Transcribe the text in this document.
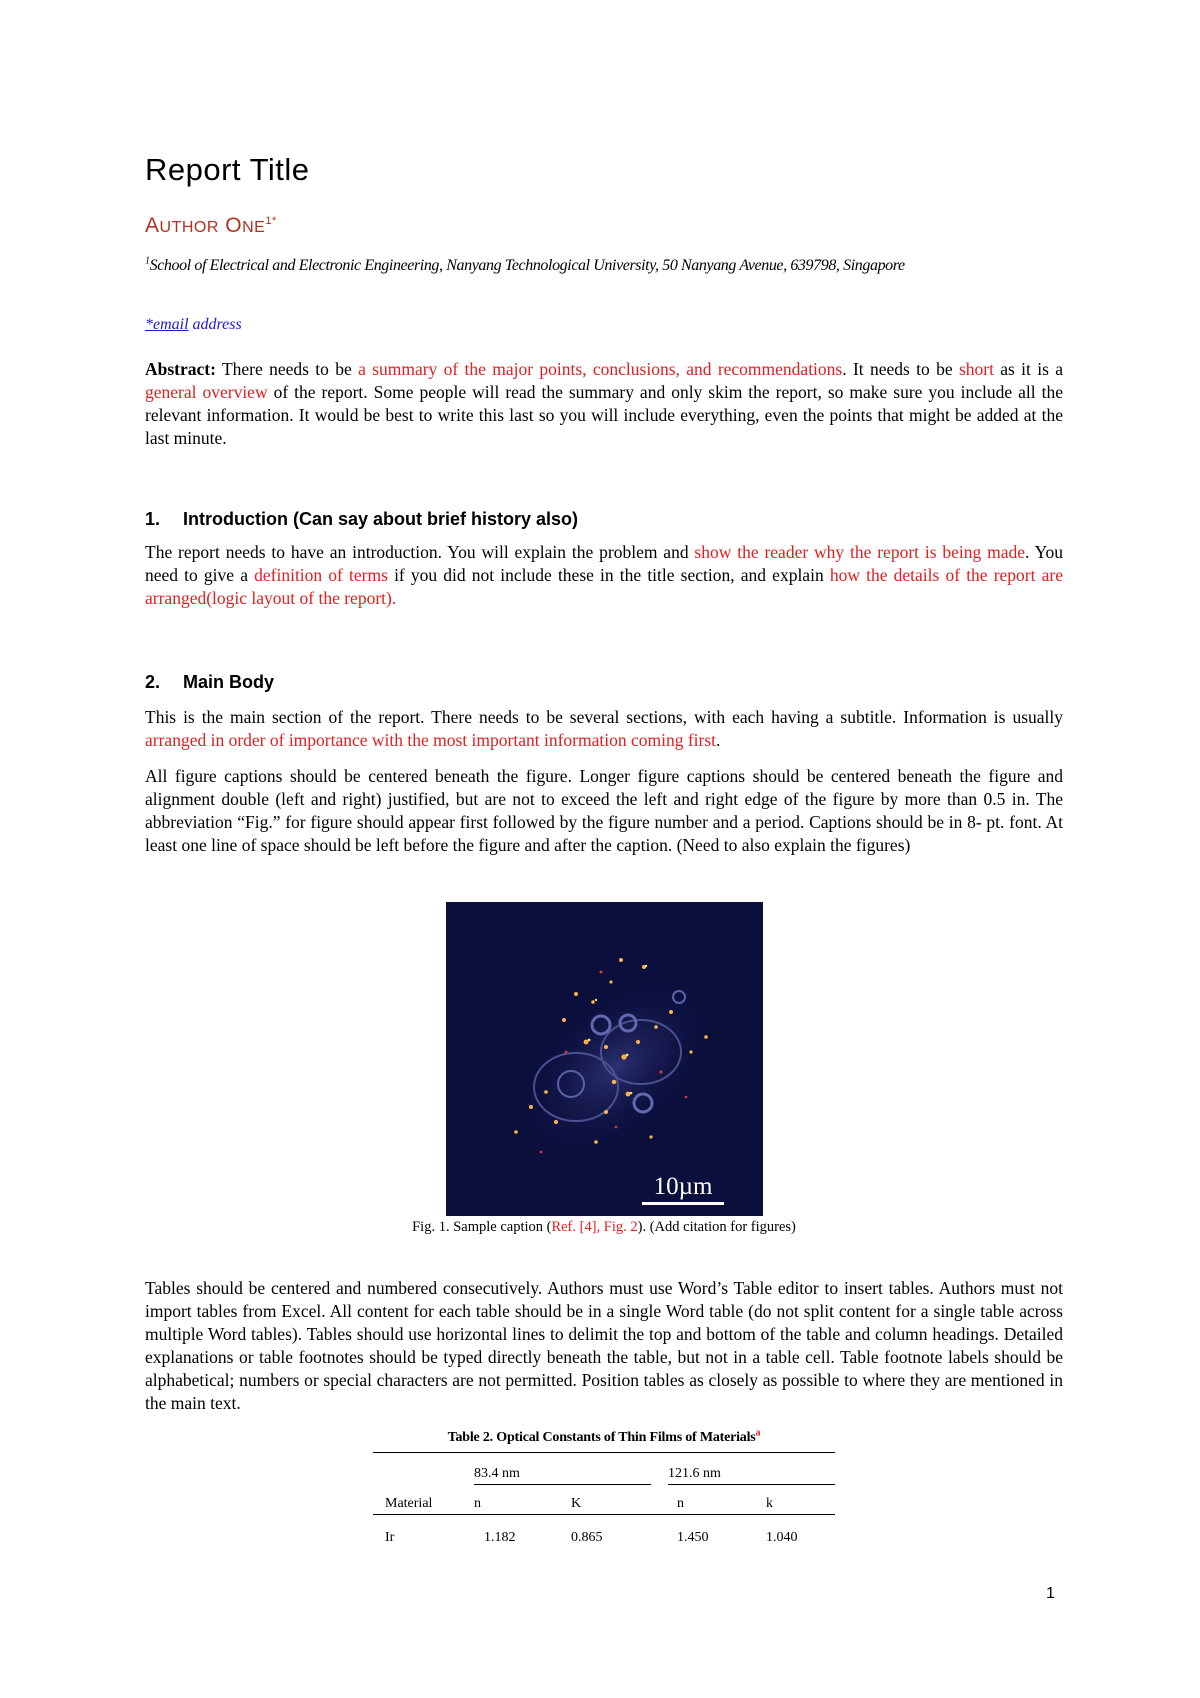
Report Title
AUTHOR $ONE^{1*}$
$^1$School of Electrical and Electronic Engineering, Nanyang Technological University, 50 Nanyang Avenue, 639798, Singapore
*email address
Abstract: There needs to be a summary of the major points, conclusions, and recommendations. It needs to be short as it is a general overview of the report. Some people will read the summary and only skim the report, so make sure you include all the relevant information. It would be best to write this last so you will include everything, even the points that might be added at the last minute.
1. Introduction (Can say about brief history also)
The report needs to have an introduction. You will explain the problem and show the reader why the report is being made. You need to give a definition of terms if you did not include these in the title section, and explain how the details of the report are arranged(logic layout of the report).
2. Main Body
This is the main section of the report. There needs to be several sections, with each having a subtitle. Information is usually arranged in order of importance with the most important information coming first.
All figure captions should be centered beneath the figure. Longer figure captions should be centered beneath the figure and alignment double (left and right) justified, but are not to exceed the left and right edge of the figure by more than 0.5 in. The abbreviation “Fig.” for figure should appear first followed by the figure number and a period. Captions should be in 8- pt. font. At least one line of space should be left before the figure and after the caption. (Need to also explain the figures)
10µm
Fig. 1. Sample caption (Ref. [4], Fig. 2). (Add citation for figures)
Tables should be centered and numbered consecutively. Authors must use Word’s Table editor to insert tables. Authors must not import tables from Excel. All content for each table should be in a single Word table (do not split content for a single table across multiple Word tables). Tables should use horizontal lines to delimit the top and bottom of the table and column headings. Detailed explanations or table footnotes should be typed directly beneath the table, but not in a table cell. Table footnote labels should be alphabetical; numbers or special characters are not permitted. Position tables as closely as possible to where they are mentioned in the main text.
Table 2. Optical Constants of Thin Films of Materials$^a$
83.4 nm	121.6 nm
Material	n	K	n	k
Ir	1.182	0.865	1.450	1.040
1
